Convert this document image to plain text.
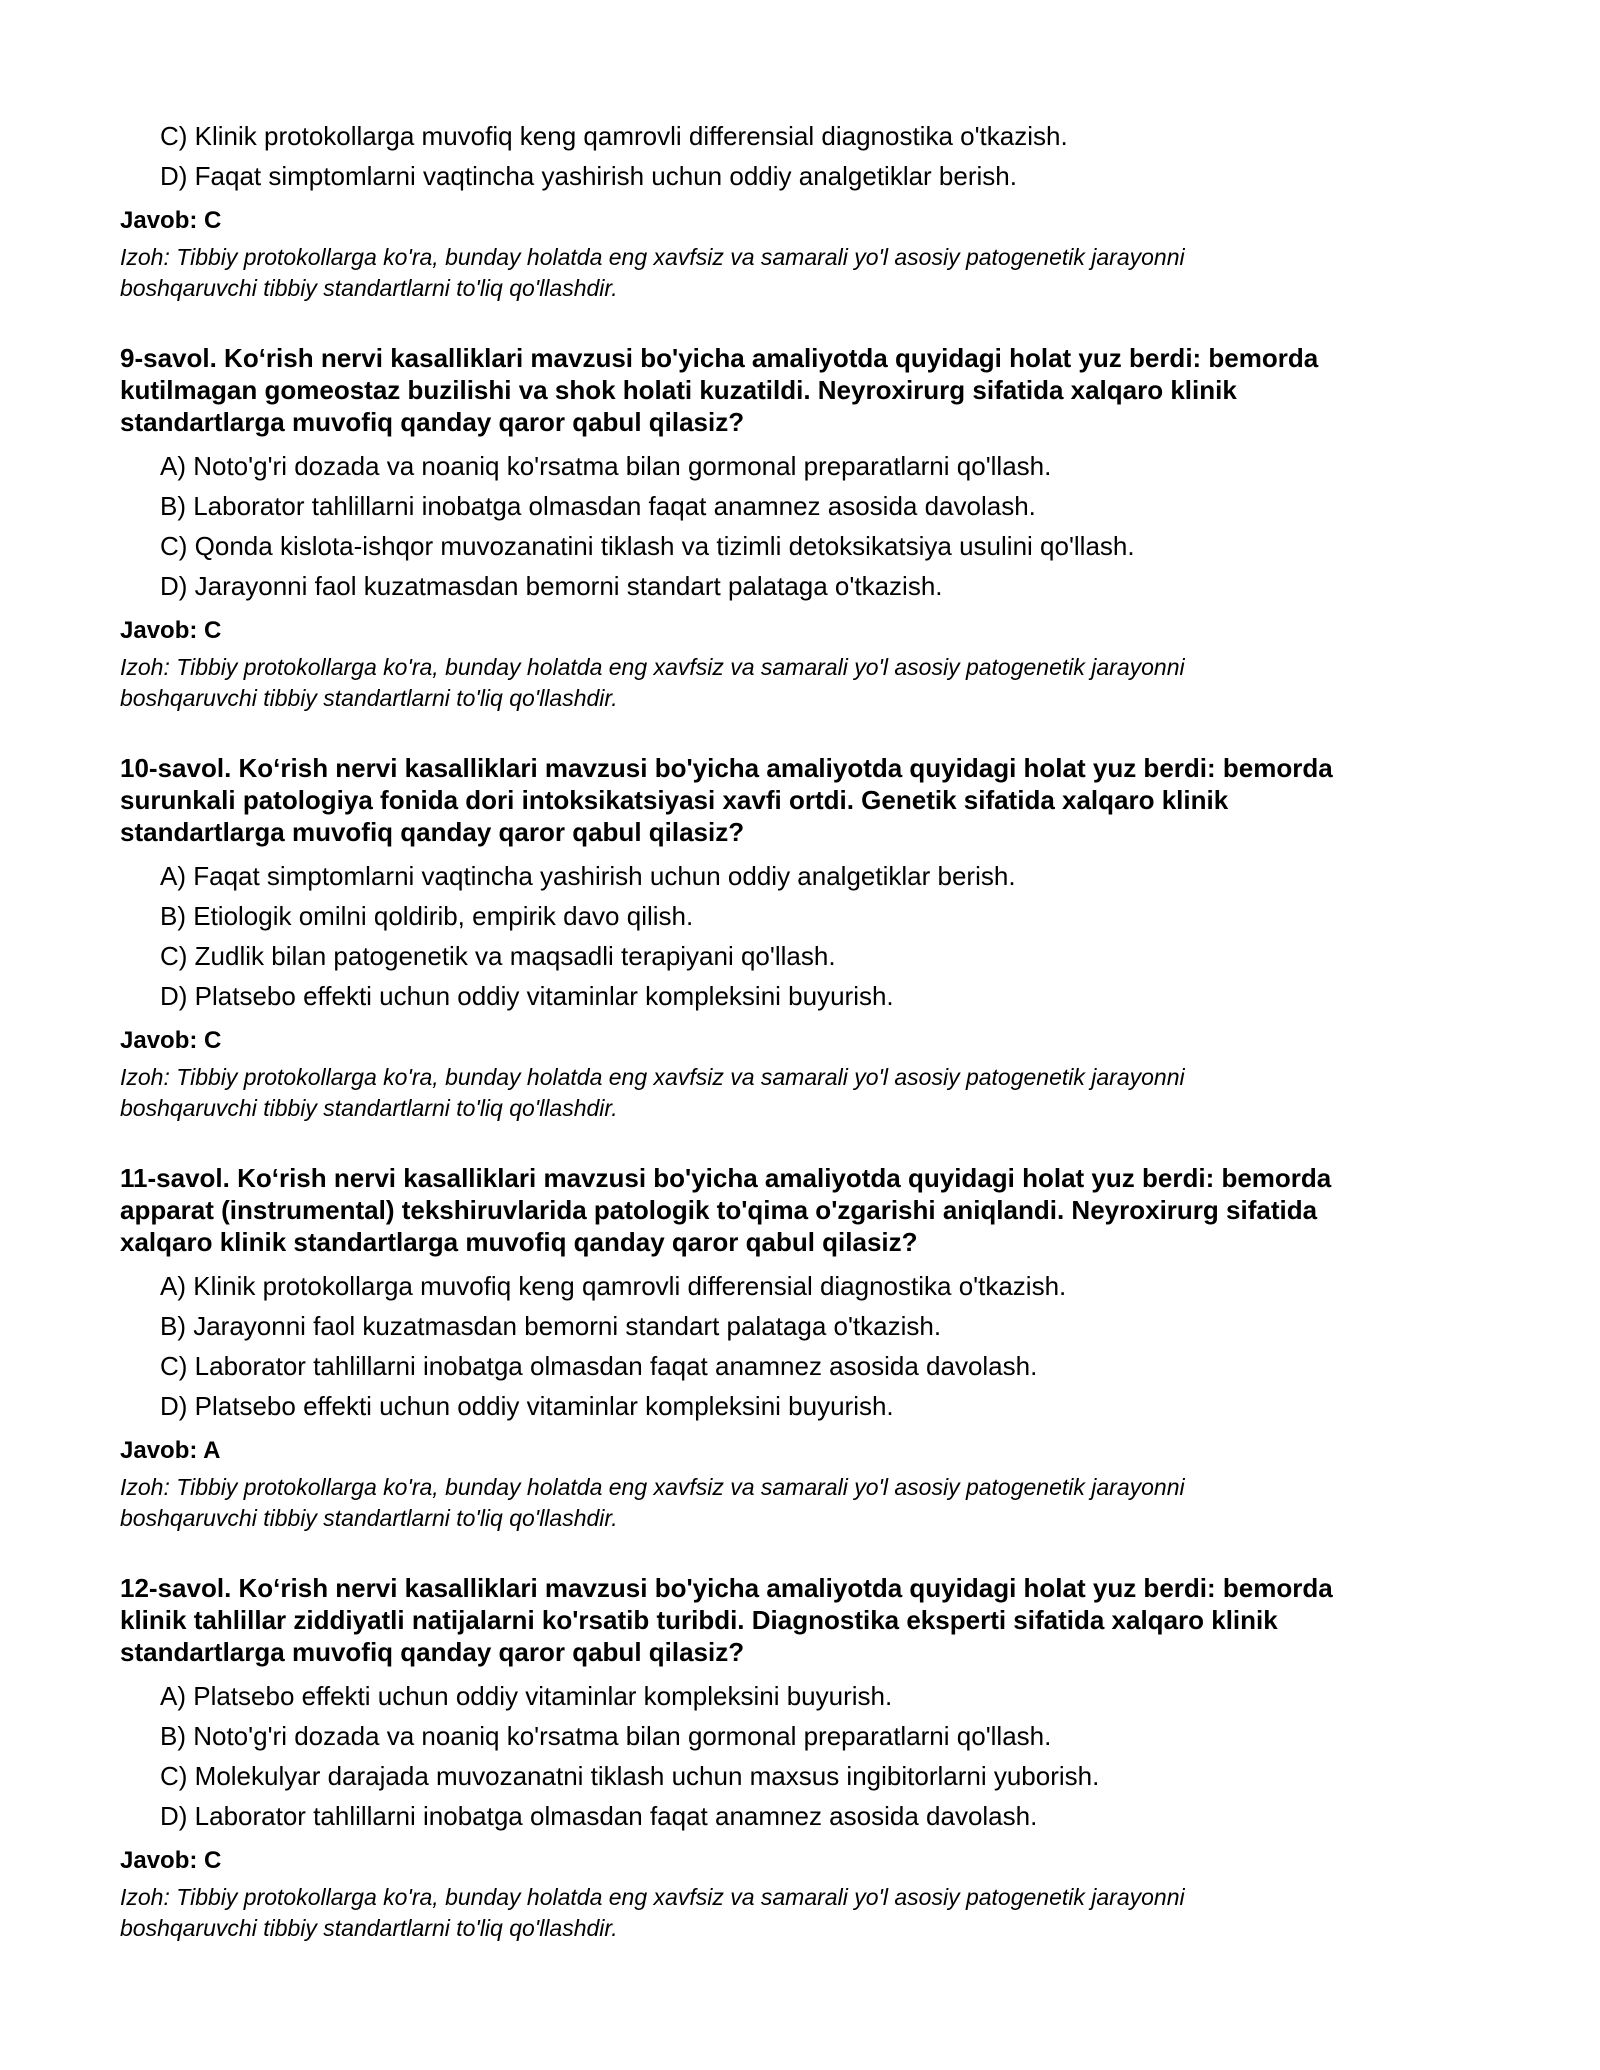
C) Klinik protokollarga muvofiq keng qamrovli differensial diagnostika o'tkazish.
D) Faqat simptomlarni vaqtincha yashirish uchun oddiy analgetiklar berish.
Javob: C
Izoh: Tibbiy protokollarga ko'ra, bunday holatda eng xavfsiz va samarali yo'l asosiy patogenetik jarayonni
boshqaruvchi tibbiy standartlarni to'liq qo'llashdir.
9-savol. Ko‘rish nervi kasalliklari mavzusi bo'yicha amaliyotda quyidagi holat yuz berdi: bemorda
kutilmagan gomeostaz buzilishi va shok holati kuzatildi. Neyroxirurg sifatida xalqaro klinik
standartlarga muvofiq qanday qaror qabul qilasiz?
A) Noto'g'ri dozada va noaniq ko'rsatma bilan gormonal preparatlarni qo'llash.
B) Laborator tahlillarni inobatga olmasdan faqat anamnez asosida davolash.
C) Qonda kislota-ishqor muvozanatini tiklash va tizimli detoksikatsiya usulini qo'llash.
D) Jarayonni faol kuzatmasdan bemorni standart palataga o'tkazish.
Javob: C
Izoh: Tibbiy protokollarga ko'ra, bunday holatda eng xavfsiz va samarali yo'l asosiy patogenetik jarayonni
boshqaruvchi tibbiy standartlarni to'liq qo'llashdir.
10-savol. Ko‘rish nervi kasalliklari mavzusi bo'yicha amaliyotda quyidagi holat yuz berdi: bemorda
surunkali patologiya fonida dori intoksikatsiyasi xavfi ortdi. Genetik sifatida xalqaro klinik
standartlarga muvofiq qanday qaror qabul qilasiz?
A) Faqat simptomlarni vaqtincha yashirish uchun oddiy analgetiklar berish.
B) Etiologik omilni qoldirib, empirik davo qilish.
C) Zudlik bilan patogenetik va maqsadli terapiyani qo'llash.
D) Platsebo effekti uchun oddiy vitaminlar kompleksini buyurish.
Javob: C
Izoh: Tibbiy protokollarga ko'ra, bunday holatda eng xavfsiz va samarali yo'l asosiy patogenetik jarayonni
boshqaruvchi tibbiy standartlarni to'liq qo'llashdir.
11-savol. Ko‘rish nervi kasalliklari mavzusi bo'yicha amaliyotda quyidagi holat yuz berdi: bemorda
apparat (instrumental) tekshiruvlarida patologik to'qima o'zgarishi aniqlandi. Neyroxirurg sifatida
xalqaro klinik standartlarga muvofiq qanday qaror qabul qilasiz?
A) Klinik protokollarga muvofiq keng qamrovli differensial diagnostika o'tkazish.
B) Jarayonni faol kuzatmasdan bemorni standart palataga o'tkazish.
C) Laborator tahlillarni inobatga olmasdan faqat anamnez asosida davolash.
D) Platsebo effekti uchun oddiy vitaminlar kompleksini buyurish.
Javob: A
Izoh: Tibbiy protokollarga ko'ra, bunday holatda eng xavfsiz va samarali yo'l asosiy patogenetik jarayonni
boshqaruvchi tibbiy standartlarni to'liq qo'llashdir.
12-savol. Ko‘rish nervi kasalliklari mavzusi bo'yicha amaliyotda quyidagi holat yuz berdi: bemorda
klinik tahlillar ziddiyatli natijalarni ko'rsatib turibdi. Diagnostika eksperti sifatida xalqaro klinik
standartlarga muvofiq qanday qaror qabul qilasiz?
A) Platsebo effekti uchun oddiy vitaminlar kompleksini buyurish.
B) Noto'g'ri dozada va noaniq ko'rsatma bilan gormonal preparatlarni qo'llash.
C) Molekulyar darajada muvozanatni tiklash uchun maxsus ingibitorlarni yuborish.
D) Laborator tahlillarni inobatga olmasdan faqat anamnez asosida davolash.
Javob: C
Izoh: Tibbiy protokollarga ko'ra, bunday holatda eng xavfsiz va samarali yo'l asosiy patogenetik jarayonni
boshqaruvchi tibbiy standartlarni to'liq qo'llashdir.
